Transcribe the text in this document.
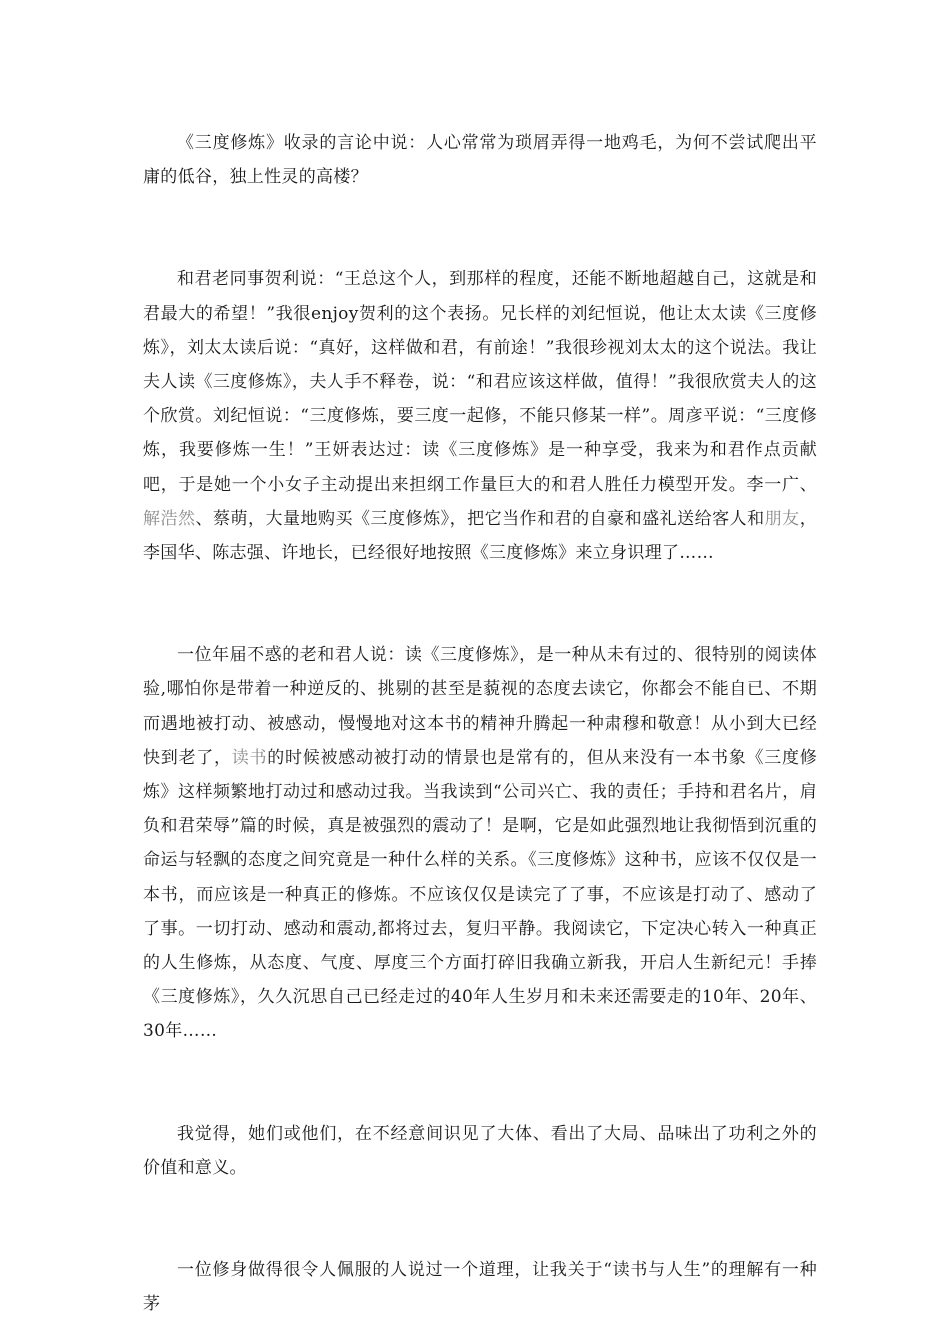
《三度修炼》收录的言论中说：人心常常为琐屑弄得一地鸡毛，为何不尝试爬出平庸的低谷，独上性灵的高楼？

和君老同事贺利说：“王总这个人，到那样的程度，还能不断地超越自己，这就是和君最大的希望！”我很enjoy贺利的这个表扬。兄长样的刘纪恒说，他让太太读《三度修炼》，刘太太读后说：“真好，这样做和君，有前途！”我很珍视刘太太的这个说法。我让夫人读《三度修炼》，夫人手不释卷，说：“和君应该这样做，值得！”我很欣赏夫人的这个欣赏。刘纪恒说：“三度修炼，要三度一起修，不能只修某一样”。周彦平说：“三度修炼，我要修炼一生！”王妍表达过：读《三度修炼》是一种享受，我来为和君作点贡献吧，于是她一个小女子主动提出来担纲工作量巨大的和君人胜任力模型开发。李一广、解浩然、蔡萌，大量地购买《三度修炼》，把它当作和君的自豪和盛礼送给客人和朋友，李国华、陈志强、许地长，已经很好地按照《三度修炼》来立身识理了……

一位年届不惑的老和君人说：读《三度修炼》，是一种从未有过的、很特别的阅读体验,哪怕你是带着一种逆反的、挑剔的甚至是藐视的态度去读它，你都会不能自已、不期而遇地被打动、被感动，慢慢地对这本书的精神升腾起一种肃穆和敬意！从小到大已经快到老了，读书的时候被感动被打动的情景也是常有的，但从来没有一本书象《三度修炼》这样频繁地打动过和感动过我。当我读到“公司兴亡、我的责任；手持和君名片，肩负和君荣辱”篇的时候，真是被强烈的震动了！是啊，它是如此强烈地让我彻悟到沉重的命运与轻飘的态度之间究竟是一种什么样的关系。《三度修炼》这种书，应该不仅仅是一本书，而应该是一种真正的修炼。不应该仅仅是读完了了事，不应该是打动了、感动了了事。一切打动、感动和震动,都将过去，复归平静。我阅读它，下定决心转入一种真正的人生修炼，从态度、气度、厚度三个方面打碎旧我确立新我，开启人生新纪元！手捧《三度修炼》，久久沉思自己已经走过的40年人生岁月和未来还需要走的10年、20年、30年……

我觉得，她们或他们，在不经意间识见了大体、看出了大局、品味出了功利之外的价值和意义。

一位修身做得很令人佩服的人说过一个道理，让我关于“读书与人生”的理解有一种茅
